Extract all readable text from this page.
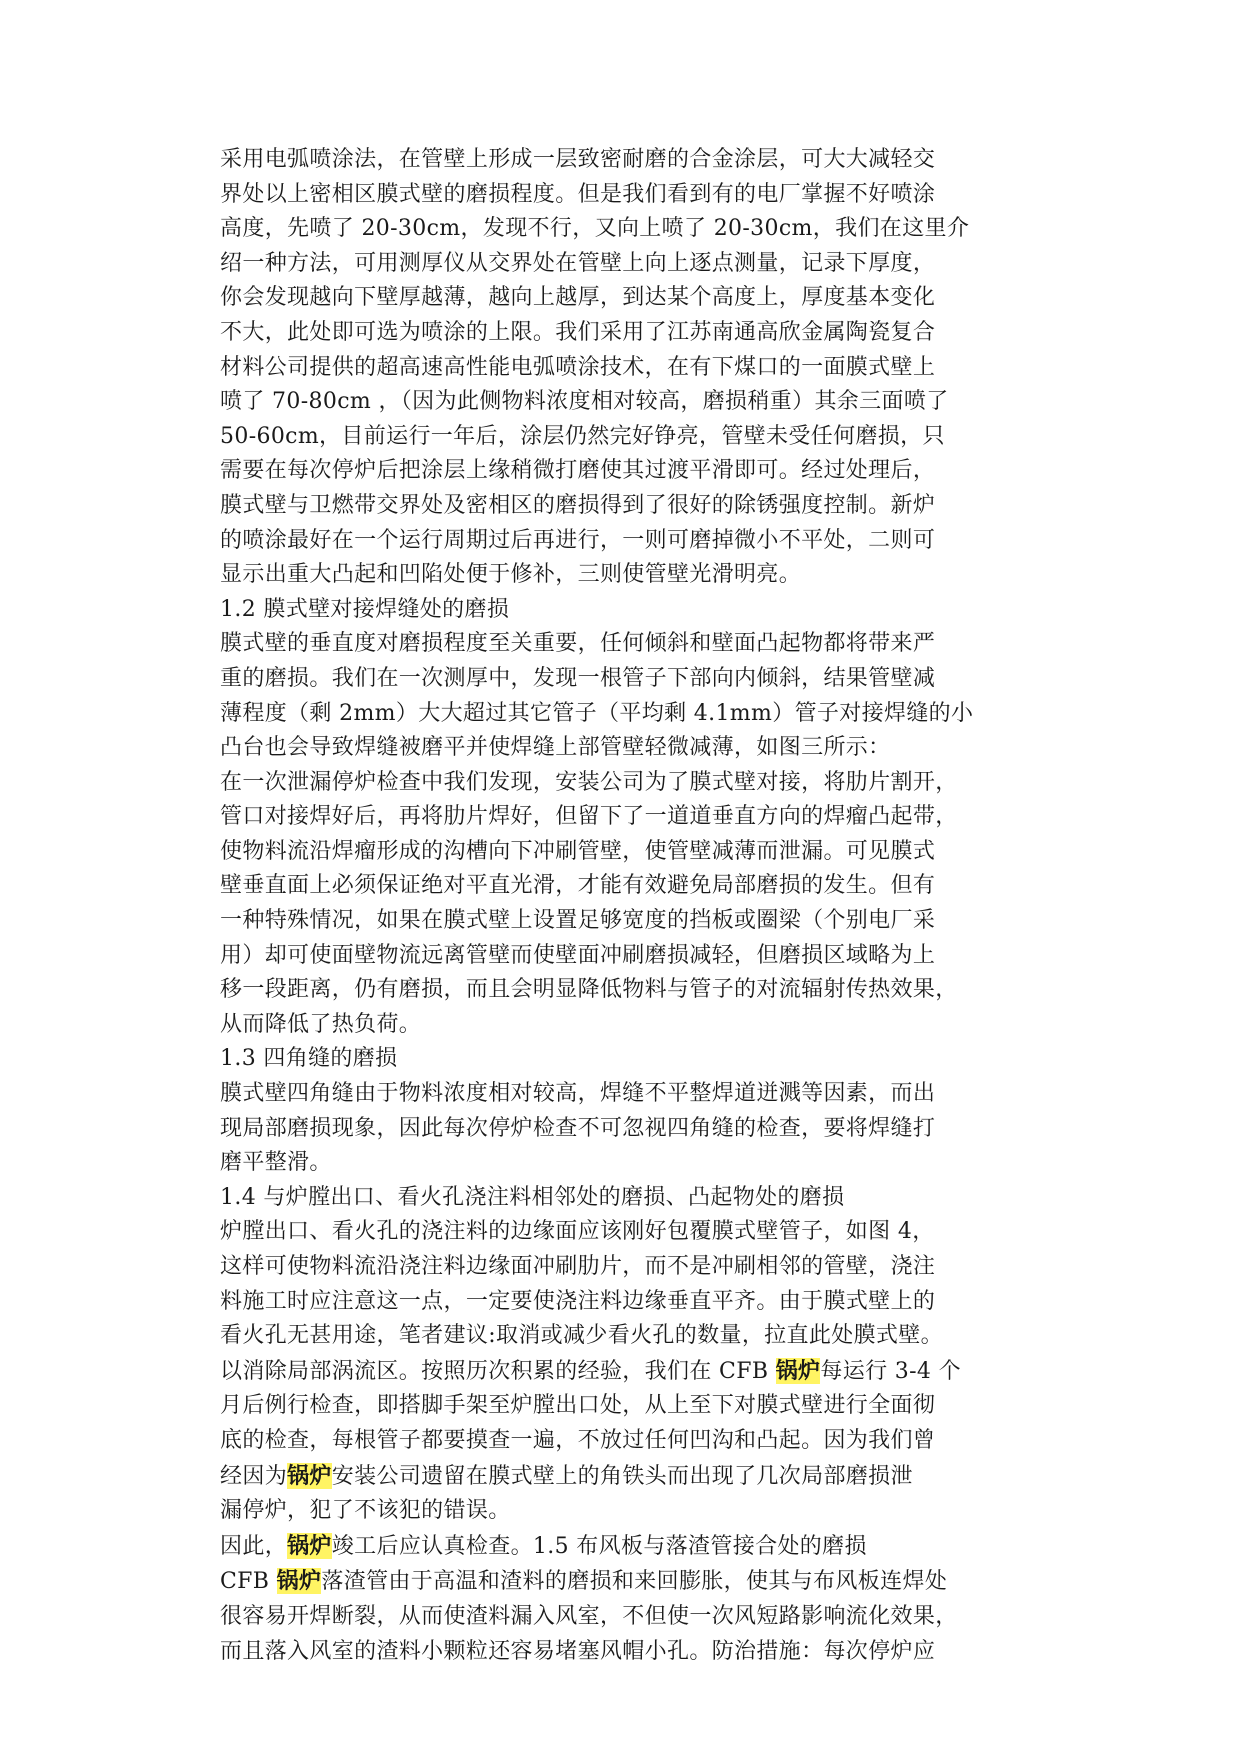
采用电弧喷涂法，在管壁上形成一层致密耐磨的合金涂层，可大大减轻交

界处以上密相区膜式壁的磨损程度。但是我们看到有的电厂掌握不好喷涂

高度，先喷了 20-30cm，发现不行，又向上喷了 20-30cm，我们在这里介

绍一种方法，可用测厚仪从交界处在管壁上向上逐点测量，记录下厚度，

你会发现越向下壁厚越薄，越向上越厚，到达某个高度上，厚度基本变化

不大，此处即可选为喷涂的上限。我们采用了江苏南通高欣金属陶瓷复合

材料公司提供的超高速高性能电弧喷涂技术，在有下煤口的一面膜式壁上

喷了 70-80cm ，（因为此侧物料浓度相对较高，磨损稍重）其余三面喷了

50-60cm，目前运行一年后，涂层仍然完好铮亮，管壁未受任何磨损，只

需要在每次停炉后把涂层上缘稍微打磨使其过渡平滑即可。经过处理后，

膜式壁与卫燃带交界处及密相区的磨损得到了很好的除锈强度控制。新炉

的喷涂最好在一个运行周期过后再进行，一则可磨掉微小不平处，二则可

显示出重大凸起和凹陷处便于修补，三则使管壁光滑明亮。

1.2 膜式壁对接焊缝处的磨损

膜式壁的垂直度对磨损程度至关重要，任何倾斜和壁面凸起物都将带来严

重的磨损。我们在一次测厚中，发现一根管子下部向内倾斜，结果管壁减

薄程度（剩 2mm）大大超过其它管子（平均剩 4.1mm）管子对接焊缝的小

凸台也会导致焊缝被磨平并使焊缝上部管壁轻微减薄，如图三所示：

在一次泄漏停炉检查中我们发现，安装公司为了膜式壁对接，将肋片割开，

管口对接焊好后，再将肋片焊好，但留下了一道道垂直方向的焊瘤凸起带，

使物料流沿焊瘤形成的沟槽向下冲刷管壁，使管壁减薄而泄漏。可见膜式

壁垂直面上必须保证绝对平直光滑，才能有效避免局部磨损的发生。但有

一种特殊情况，如果在膜式壁上设置足够宽度的挡板或圈梁（个别电厂采

用）却可使面壁物流远离管壁而使壁面冲刷磨损减轻，但磨损区域略为上

移一段距离，仍有磨损，而且会明显降低物料与管子的对流辐射传热效果，

从而降低了热负荷。

1.3 四角缝的磨损

膜式壁四角缝由于物料浓度相对较高，焊缝不平整焊道迸溅等因素，而出

现局部磨损现象，因此每次停炉检查不可忽视四角缝的检查，要将焊缝打

磨平整滑。

1.4 与炉膛出口、看火孔浇注料相邻处的磨损、凸起物处的磨损

炉膛出口、看火孔的浇注料的边缘面应该刚好包覆膜式壁管子，如图 4，

这样可使物料流沿浇注料边缘面冲刷肋片，而不是冲刷相邻的管壁，浇注

料施工时应注意这一点，一定要使浇注料边缘垂直平齐。由于膜式壁上的

看火孔无甚用途，笔者建议:取消或减少看火孔的数量，拉直此处膜式壁。

以消除局部涡流区。按照历次积累的经验，我们在 CFB 锅炉每运行 3-4 个

月后例行检查，即搭脚手架至炉膛出口处，从上至下对膜式壁进行全面彻

底的检查，每根管子都要摸查一遍，不放过任何凹沟和凸起。因为我们曾

经因为锅炉安装公司遗留在膜式壁上的角铁头而出现了几次局部磨损泄

漏停炉，犯了不该犯的错误。

因此，锅炉竣工后应认真检查。1.5 布风板与落渣管接合处的磨损

CFB 锅炉落渣管由于高温和渣料的磨损和来回膨胀，使其与布风板连焊处

很容易开焊断裂，从而使渣料漏入风室，不但使一次风短路影响流化效果，

而且落入风室的渣料小颗粒还容易堵塞风帽小孔。防治措施：每次停炉应
